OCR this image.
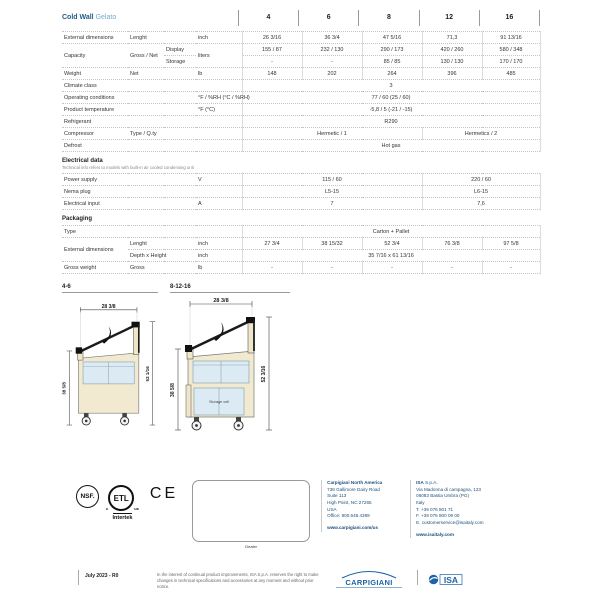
Cold Wall Gelato	4	6	8	12	16
External dimensions	Lenght		inch	26 3/16	36 3/4	47 5/16	71,3	91 13/16
Capacity	Gross / Net	Display	liters	155 / 87	232 / 130	290 / 173	420 / 260	580 / 348
		Storage		-	-	85 / 85	130 / 130	170 / 170
Weight	Net		lb	148	202	264	396	485
Climate class				3				
Operating conditions			°F / %RH (°C / %RH)	77 / 60 (25 / 60)				
Product temperature			°F (°C)	-5,8 / 5 (-21 / -15)				
Refrigerant				R290				
Compressor	Type / Q.ty			Hermetic / 1			Hermetics / 2	
Defrost				Hot gas				
Electrical data
Technical info refers to models with built-in air cooled condensing unit
Power supply		V	115 / 60	220 / 60
Nema plug			L5-15	L6-15
Electrical input		A	7	7,6
Packaging
Type			Carton + Pallet				
External dimensions	Lenght	inch	27 3/4	38 15/32	52 3/4	76 3/8	97 5/8
	Depth x Height	inch	35 7/16 x 61 13/16				
Gross weight	Gross	lb	-	-	-	-	-
4-6
28 3/8
38 5/8
52 1/16
8-12-16
28 3/8
38 5/8
52 3/16
Storage cell
NSF.
c
ETL
us
Intertek
CE
Dealer
Carpigiani North America
738 Gallimore Dairy Road
Suite 113
High Point, NC 27265
USA
Office: 800.648.4389
www.carpigiani.com/us
ISA S.p.A.
Via Madonna di campagna, 123
06083 Bastia Umbra (PG)
Italy
T. +39 075 801 71
F. +39 075 800 09 00
E. customerservice@isaitaly.com
www.isaitaly.com
July 2023 - R0	In the interest of continual product improvements, ISA S.p.A. reserves the right to make changes in technical specifications and accessories at any moment and without prior notice.	CARPIGIANI	ISA
